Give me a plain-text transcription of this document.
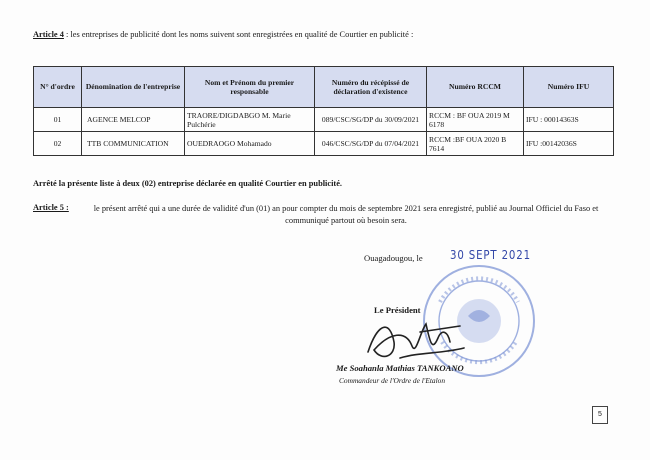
Article 4 : les entreprises de publicité dont les noms suivent sont enregistrées en qualité de Courtier en publicité :
N° d'ordre	Dénomination de l'entreprise	Nom et Prénom du premier responsable	Numéro du récépissé de déclaration d'existence	Numéro RCCM	Numéro IFU
01	AGENCE MELCOP	TRAORE/DIGDABGO M. Marie Pulchérie	089/CSC/SG/DP du 30/09/2021	RCCM : BF OUA 2019 M 6178	IFU : 00014363S
02	TTB COMMUNICATION	OUEDRAOGO Mohamado	046/CSC/SG/DP du 07/04/2021	RCCM :BF OUA 2020 B 7614	IFU :00142036S
Arrêté la présente liste à deux (02) entreprise déclarée en qualité Courtier en publicité.
Article 5 :	le présent arrêté qui a une durée de validité d'un (01) an pour compter du mois de septembre 2021 sera enregistré, publié au Journal Officiel du Faso et communiqué partout où besoin sera.
Ouagadougou, le 30 SEPT 2021
Le Président
Me Soahanla Mathias TANKOANO
Commandeur de l'Ordre de l'Etalon
5
